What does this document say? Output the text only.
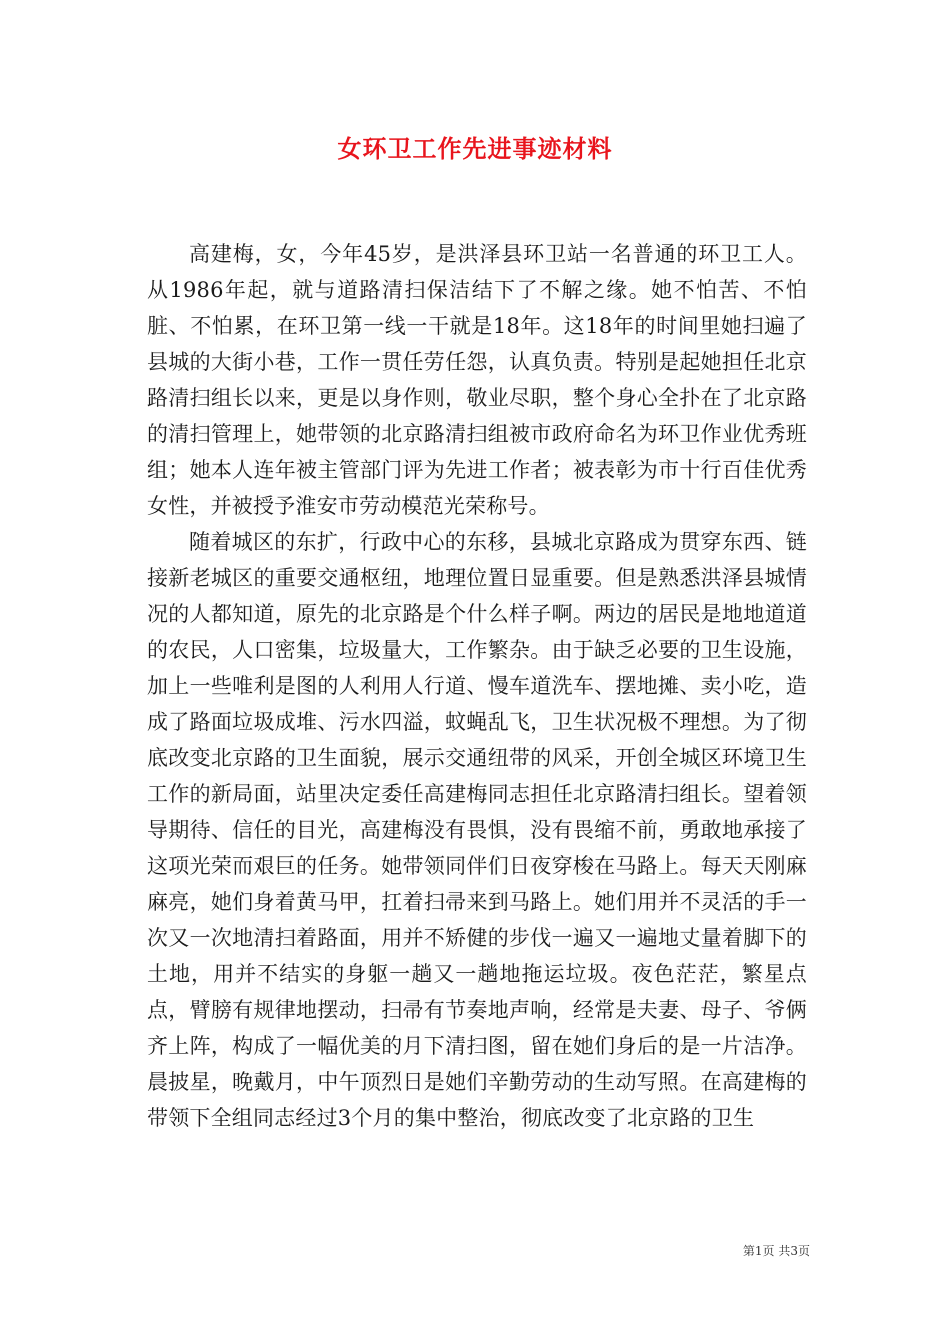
女环卫工作先进事迹材料

高建梅，女，今年45岁，是洪泽县环卫站一名普通的环卫工人。从1986年起，就与道路清扫保洁结下了不解之缘。她不怕苦、不怕脏、不怕累，在环卫第一线一干就是18年。这18年的时间里她扫遍了县城的大街小巷，工作一贯任劳任怨，认真负责。特别是起她担任北京路清扫组长以来，更是以身作则，敬业尽职，整个身心全扑在了北京路的清扫管理上，她带领的北京路清扫组被市政府命名为环卫作业优秀班组；她本人连年被主管部门评为先进工作者；被表彰为市十行百佳优秀女性，并被授予淮安市劳动模范光荣称号。

随着城区的东扩，行政中心的东移，县城北京路成为贯穿东西、链接新老城区的重要交通枢纽，地理位置日显重要。但是熟悉洪泽县城情况的人都知道，原先的北京路是个什么样子啊。两边的居民是地地道道的农民，人口密集，垃圾量大，工作繁杂。由于缺乏必要的卫生设施，加上一些唯利是图的人利用人行道、慢车道洗车、摆地摊、卖小吃，造成了路面垃圾成堆、污水四溢，蚊蝇乱飞，卫生状况极不理想。为了彻底改变北京路的卫生面貌，展示交通纽带的风采，开创全城区环境卫生工作的新局面，站里决定委任高建梅同志担任北京路清扫组长。望着领导期待、信任的目光，高建梅没有畏惧，没有畏缩不前，勇敢地承接了这项光荣而艰巨的任务。她带领同伴们日夜穿梭在马路上。每天天刚麻麻亮，她们身着黄马甲，扛着扫帚来到马路上。她们用并不灵活的手一次又一次地清扫着路面，用并不矫健的步伐一遍又一遍地丈量着脚下的土地，用并不结实的身躯一趟又一趟地拖运垃圾。夜色茫茫，繁星点点，臂膀有规律地摆动，扫帚有节奏地声响，经常是夫妻、母子、爷俩齐上阵，构成了一幅优美的月下清扫图，留在她们身后的是一片洁净。晨披星，晚戴月，中午顶烈日是她们辛勤劳动的生动写照。在高建梅的带领下全组同志经过3个月的集中整治，彻底改变了北京路的卫生

第1页 共3页
